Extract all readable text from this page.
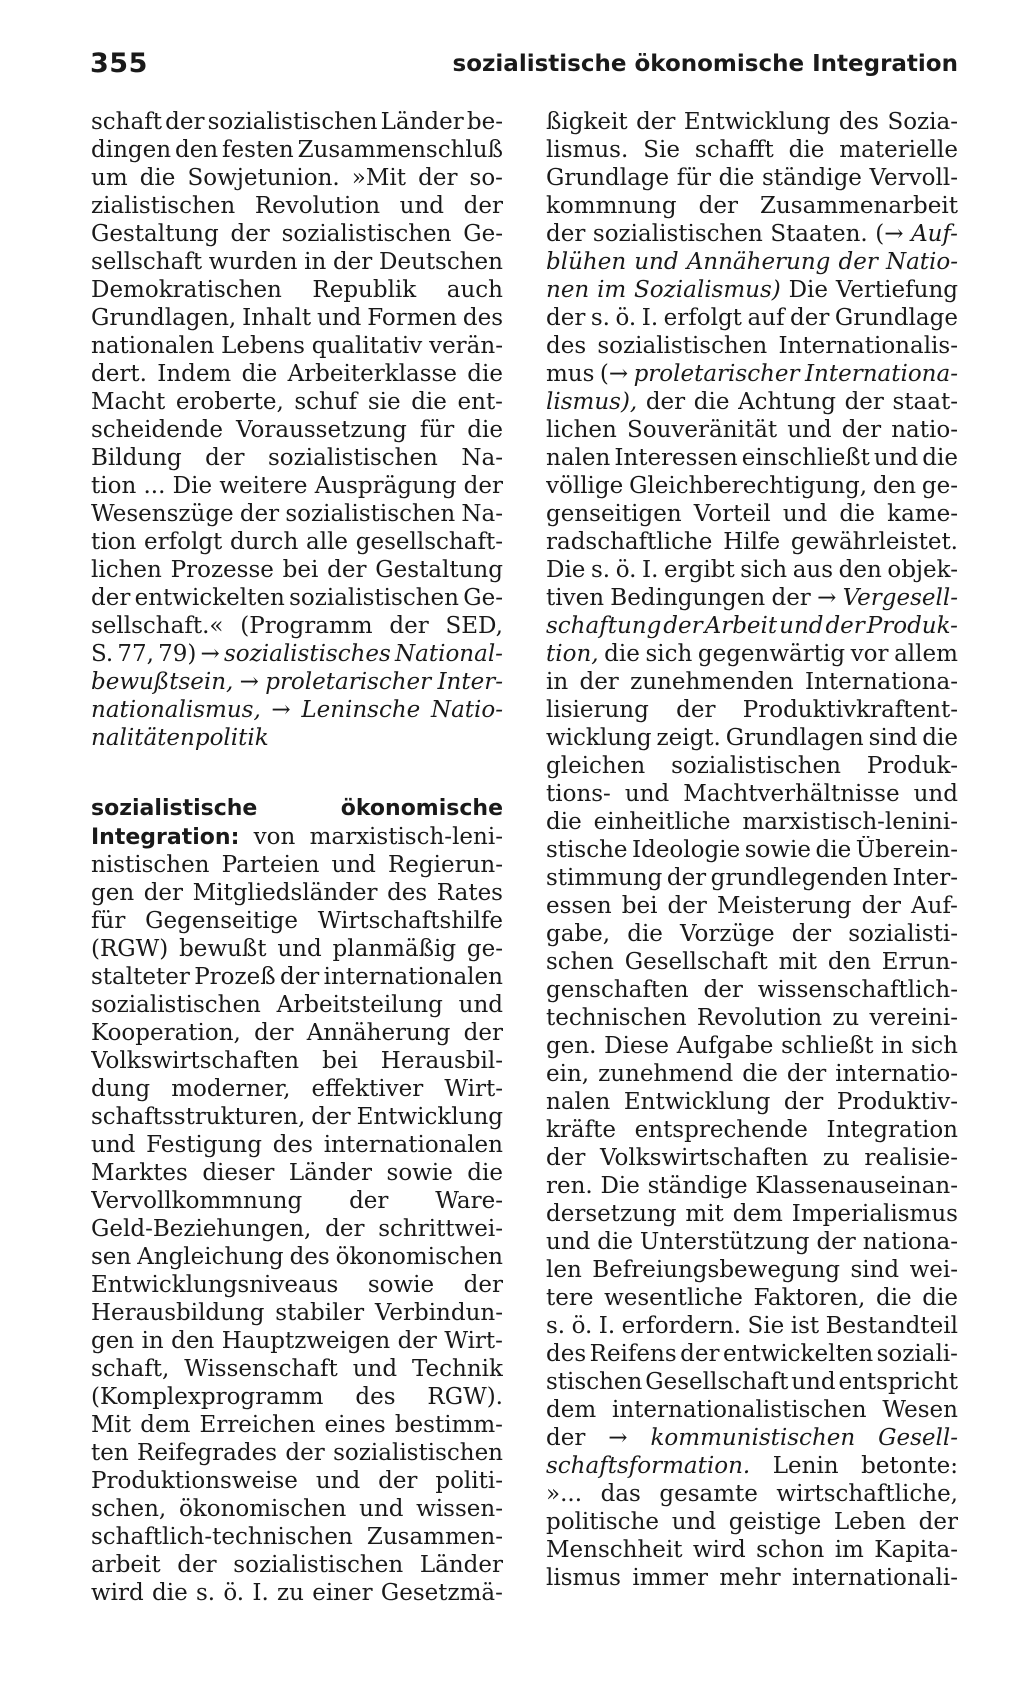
355	sozialistische ökonomische Integration
schaft der sozialistischen Länder be-
dingen den festen Zusammenschluß
um die Sowjetunion. »Mit der so-
zialistischen Revolution und der
Gestaltung der sozialistischen Ge-
sellschaft wurden in der Deutschen
Demokratischen Republik auch
Grundlagen, Inhalt und Formen des
nationalen Lebens qualitativ verän-
dert. Indem die Arbeiterklasse die
Macht eroberte, schuf sie die ent-
scheidende Voraussetzung für die
Bildung der sozialistischen Na-
tion ... Die weitere Ausprägung der
Wesenszüge der sozialistischen Na-
tion erfolgt durch alle gesellschaft-
lichen Prozesse bei der Gestaltung
der entwickelten sozialistischen Ge-
sellschaft.« (Programm der SED,
S. 77, 79) → sozialistisches National-
bewußtsein, → proletarischer Inter-
nationalismus, → Leninsche Natio-
nalitätenpolitik
sozialistische	ökonomische
Integration: von marxistisch-leni-
nistischen Parteien und Regierun-
gen der Mitgliedsländer des Rates
für Gegenseitige Wirtschaftshilfe
(RGW) bewußt und planmäßig ge-
stalteter Prozeß der internationalen
sozialistischen Arbeitsteilung und
Kooperation, der Annäherung der
Volkswirtschaften bei Herausbil-
dung moderner, effektiver Wirt-
schaftsstrukturen, der Entwicklung
und Festigung des internationalen
Marktes dieser Länder sowie die
Vervollkommnung der Ware-
Geld-Beziehungen, der schrittwei-
sen Angleichung des ökonomischen
Entwicklungsniveaus sowie der
Herausbildung stabiler Verbindun-
gen in den Hauptzweigen der Wirt-
schaft, Wissenschaft und Technik
(Komplexprogramm des RGW).
Mit dem Erreichen eines bestimm-
ten Reifegrades der sozialistischen
Produktionsweise und der politi-
schen, ökonomischen und wissen-
schaftlich-technischen Zusammen-
arbeit der sozialistischen Länder
wird die s. ö. I. zu einer Gesetzmä-
ßigkeit der Entwicklung des Sozia-
lismus. Sie schafft die materielle
Grundlage für die ständige Vervoll-
kommnung der Zusammenarbeit
der sozialistischen Staaten. (→ Auf-
blühen und Annäherung der Natio-
nen im Sozialismus) Die Vertiefung
der s. ö. I. erfolgt auf der Grundlage
des sozialistischen Internationalis-
mus (→ proletarischer Internationa-
lismus), der die Achtung der staat-
lichen Souveränität und der natio-
nalen Interessen einschließt und die
völlige Gleichberechtigung, den ge-
genseitigen Vorteil und die kame-
radschaftliche Hilfe gewährleistet.
Die s. ö. I. ergibt sich aus den objek-
tiven Bedingungen der → Vergesell-
schaftung der Arbeit und der Produk-
tion, die sich gegenwärtig vor allem
in der zunehmenden Internationa-
lisierung der Produktivkraftent-
wicklung zeigt. Grundlagen sind die
gleichen sozialistischen Produk-
tions- und Machtverhältnisse und
die einheitliche marxistisch-lenini-
stische Ideologie sowie die Überein-
stimmung der grundlegenden Inter-
essen bei der Meisterung der Auf-
gabe, die Vorzüge der sozialisti-
schen Gesellschaft mit den Errun-
genschaften der wissenschaftlich-
technischen Revolution zu vereini-
gen. Diese Aufgabe schließt in sich
ein, zunehmend die der internatio-
nalen Entwicklung der Produktiv-
kräfte entsprechende Integration
der Volkswirtschaften zu realisie-
ren. Die ständige Klassenauseinan-
dersetzung mit dem Imperialismus
und die Unterstützung der nationa-
len Befreiungsbewegung sind wei-
tere wesentliche Faktoren, die die
s. ö. I. erfordern. Sie ist Bestandteil
des Reifens der entwickelten soziali-
stischen Gesellschaft und entspricht
dem internationalistischen Wesen
der → kommunistischen Gesell-
schaftsformation. Lenin betonte:
»... das gesamte wirtschaftliche,
politische und geistige Leben der
Menschheit wird schon im Kapita-
lismus immer mehr internationali-
